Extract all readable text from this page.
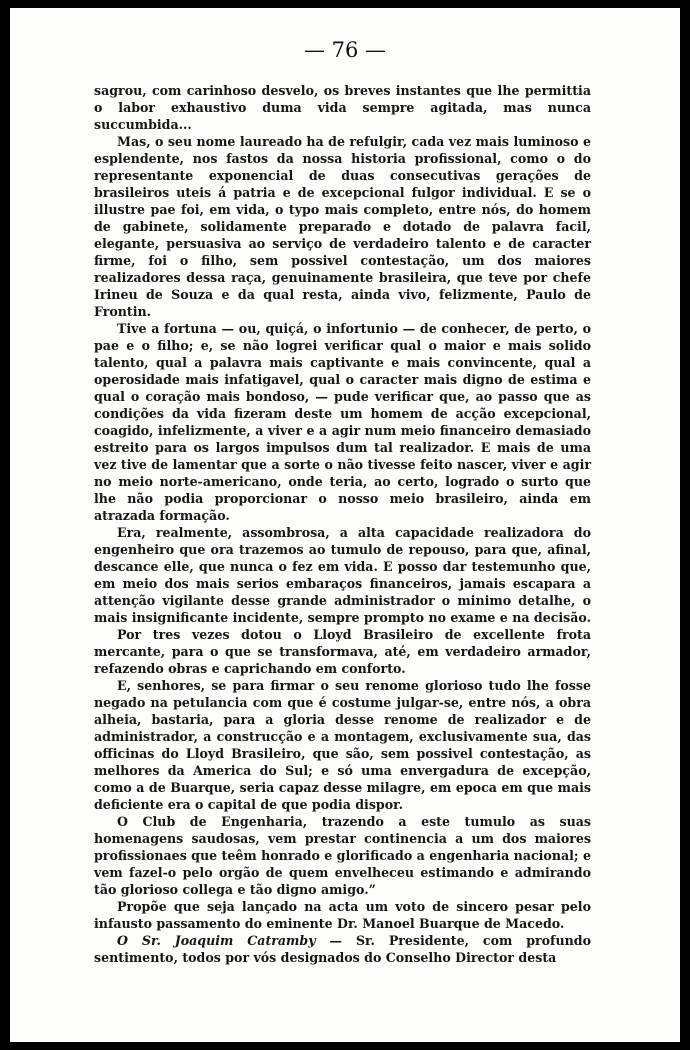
— 76 —

sagrou, com carinhoso desvelo, os breves instantes que lhe permittia o labor exhaustivo duma vida sempre agitada, mas nunca succumbida...

Mas, o seu nome laureado ha de refulgir, cada vez mais luminoso e esplendente, nos fastos da nossa historia profissional, como o do representante exponencial de duas consecutivas gerações de brasileiros uteis á patria e de excepcional fulgor individual. E se o illustre pae foi, em vida, o typo mais completo, entre nós, do homem de gabinete, solidamente preparado e dotado de palavra facil, elegante, persuasiva ao serviço de verdadeiro talento e de caracter firme, foi o filho, sem possivel contestação, um dos maiores realizadores dessa raça, genuinamente brasileira, que teve por chefe Irineu de Souza e da qual resta, ainda vivo, felizmente, Paulo de Frontin.

Tive a fortuna — ou, quiçá, o infortunio — de conhecer, de perto, o pae e o filho; e, se não logrei verificar qual o maior e mais solido talento, qual a palavra mais captivante e mais convincente, qual a operosidade mais infatigavel, qual o caracter mais digno de estima e qual o coração mais bondoso, — pude verificar que, ao passo que as condições da vida fizeram deste um homem de acção excepcional, coagido, infelizmente, a viver e a agir num meio financeiro demasiado estreito para os largos impulsos dum tal realizador. E mais de uma vez tive de lamentar que a sorte o não tivesse feito nascer, viver e agir no meio norte-americano, onde teria, ao certo, logrado o surto que lhe não podia proporcionar o nosso meio brasileiro, ainda em atrazada formação.

Era, realmente, assombrosa, a alta capacidade realizadora do engenheiro que ora trazemos ao tumulo de repouso, para que, afinal, descance elle, que nunca o fez em vida. E posso dar testemunho que, em meio dos mais serios embaraços financeiros, jamais escapara a attenção vigilante desse grande administrador o minimo detalhe, o mais insignificante incidente, sempre prompto no exame e na decisão.

Por tres vezes dotou o Lloyd Brasileiro de excellente frota mercante, para o que se transformava, até, em verdadeiro armador, refazendo obras e caprichando em conforto.

E, senhores, se para firmar o seu renome glorioso tudo lhe fosse negado na petulancia com que é costume julgar-se, entre nós, a obra alheia, bastaria, para a gloria desse renome de realizador e de administrador, a construcção e a montagem, exclusivamente sua, das officinas do Lloyd Brasileiro, que são, sem possivel contestação, as melhores da America do Sul; e só uma envergadura de excepção, como a de Buarque, seria capaz desse milagre, em epoca em que mais deficiente era o capital de que podia dispor.

O Club de Engenharia, trazendo a este tumulo as suas homenagens saudosas, vem prestar continencia a um dos maiores profissionaes que teêm honrado e glorificado a engenharia nacional; e vem fazel-o pelo orgão de quem envelheceu estimando e admirando tão glorioso collega e tão digno amigo.”

Propõe que seja lançado na acta um voto de sincero pesar pelo infausto passamento do eminente Dr. Manoel Buarque de Macedo.

O Sr. Joaquim Catramby — Sr. Presidente, com profundo sentimento, todos por vós designados do Conselho Director desta
